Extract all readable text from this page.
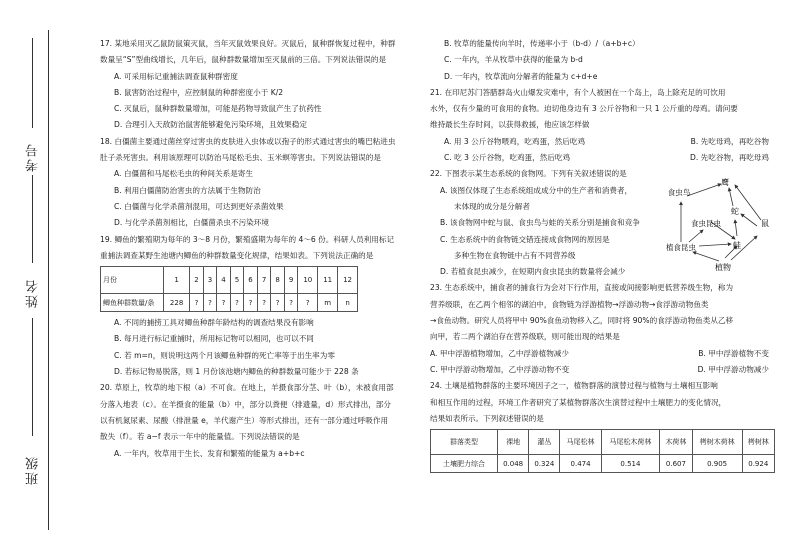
班级
姓名
考号

17. 某地采用灭乙鼠防鼠策灭鼠，当年灭鼠效果良好。灭鼠后，鼠种群恢复过程中，种群

数量呈“S”型曲线增长，几年后，鼠种群数量增加至灭鼠前的三倍。下列说法错误的是

A. 可采用标记重捕法调查鼠种群密度

B. 鼠害防治过程中，应控制鼠的种群密度小于 K/2

C. 灭鼠后，鼠种群数量增加，可能是药物导致鼠产生了抗药性

D. 合理引入天敌防治鼠害能够避免污染环境，且效果稳定

18. 白僵菌主要通过菌丝穿过害虫的皮肤进入虫体或以孢子的形式通过害虫的嘴巴粘进虫

肚子杀死害虫。利用该原理可以防治马尾松毛虫、玉米螟等害虫。下列说法错误的是

A. 白僵菌和马尾松毛虫的种间关系是寄生

B. 利用白僵菌防治害虫的方法属于生物防治

C. 白僵菌与化学杀菌剂混用，可达到更好杀菌效果

D. 与化学杀菌剂相比，白僵菌杀虫不污染环境

19. 鲫鱼的繁殖期为每年的 3～8 月份，繁殖盛期为每年的 4～6 份。科研人员利用标记

重捕法调查某野生池塘内鲫鱼的种群数量变化规律，结果如表。下列说法正确的是

月份	1	2	3	4	5	6	7	8	9	10	11	12
鲫鱼种群数量/条	228	?	?	?	?	?	?	?	?	?	m	n

A. 不同的捕捞工具对鲫鱼种群年龄结构的调查结果没有影响

B. 每月进行标记重捕时，所用标记物可以相同，也可以不同

C. 若 m=n，则说明这两个月该鲫鱼种群的死亡率等于出生率为零

D. 若标记物易脱落，则 1 月份该池塘内鲫鱼的种群数量可能少于 228 条

20. 草原上，牧草的地下根（a）不可食。在地上，羊摄食部分茎、叶（b），未被食用部

分落入地表（c）。在羊摄食的能量（b）中，部分以粪便（排遗量，d）形式排出，部分

以有机氮尿素、尿酸（排泄量 e，羊代谢产生）等形式排出，还有一部分通过呼吸作用

散失（f）。若 a~f 表示一年中的能量值。下列说法错误的是

A. 一年内，牧草用于生长、发育和繁殖的能量为 a+b+c

B. 牧草的能量传向羊时，传递率小于（b-d）/（a+b+c）

C. 一年内，羊从牧草中获得的能量为 b-d

D. 一年内，牧草流向分解者的能量为 c+d+e

21. 在印尼苏门答腊群岛火山爆发灾难中，有个人被困在一个岛上，岛上除充足的可饮用

水外，仅有少量的可食用的食物。迫切他身边有 3 公斤谷物和一只 1 公斤重的母鸡。请问要

维持最长生存时间，以获得救援，他应该怎样做

A. 用 3 公斤谷物喂鸡，吃鸡蛋，然后吃鸡	B. 先吃母鸡，再吃谷物
C. 吃 3 公斤谷物，吃鸡蛋，然后吃鸡	D. 先吃谷物，再吃母鸡

22. 下图表示某生态系统的食物网。下列有关叙述错误的是

A. 该图仅体现了生态系统组成成分中的生产者和消费者，

未体现的成分是分解者

B. 该食物网中蛇与鼠、食虫鸟与蛙的关系分别是捕食和竞争

C. 生态系统中的食物链交错连接成食物网的原因是

多种生物在食物链中占有不同营养级

D. 若植食昆虫减少，在短期内食虫昆虫的数量将会减少

鹰
食虫鸟
蛇
食虫昆虫	鼠
植食昆虫	蛙
植物

23. 生态系统中，捕食者的捕食行为会对下行作用，直接或间接影响更低营养级生物，称为

营养级联，在乙两个相邻的湖泊中，食物链为浮游植物→浮游动物→食浮游动物鱼类

→食鱼动物。研究人员将甲中 90%食鱼动物移入乙，同时将 90%的食浮游动物鱼类从乙移

向甲，若二两个湖泊存在营养级联，则可能出现的结果是

A. 甲中浮游植物增加，乙中浮游植物减少	B. 甲中浮游植物不变
C. 甲中浮游动物增加，乙中浮游动物不变	D. 甲中浮游动物减少

24. 土壤是植物群落的主要环境因子之一，植物群落的演替过程与植物与土壤相互影响

和相互作用的过程，环境工作者研究了某植物群落次生演替过程中土壤肥力的变化情况，

结果如表所示。下列叙述错误的是

群落类型	裸地	灌丛	马尾松林	马尾松木荷林	木荷林	栲树木荷林	栲树林
土壤肥力综合	0.048	0.324	0.474	0.514	0.607	0.905	0.924
